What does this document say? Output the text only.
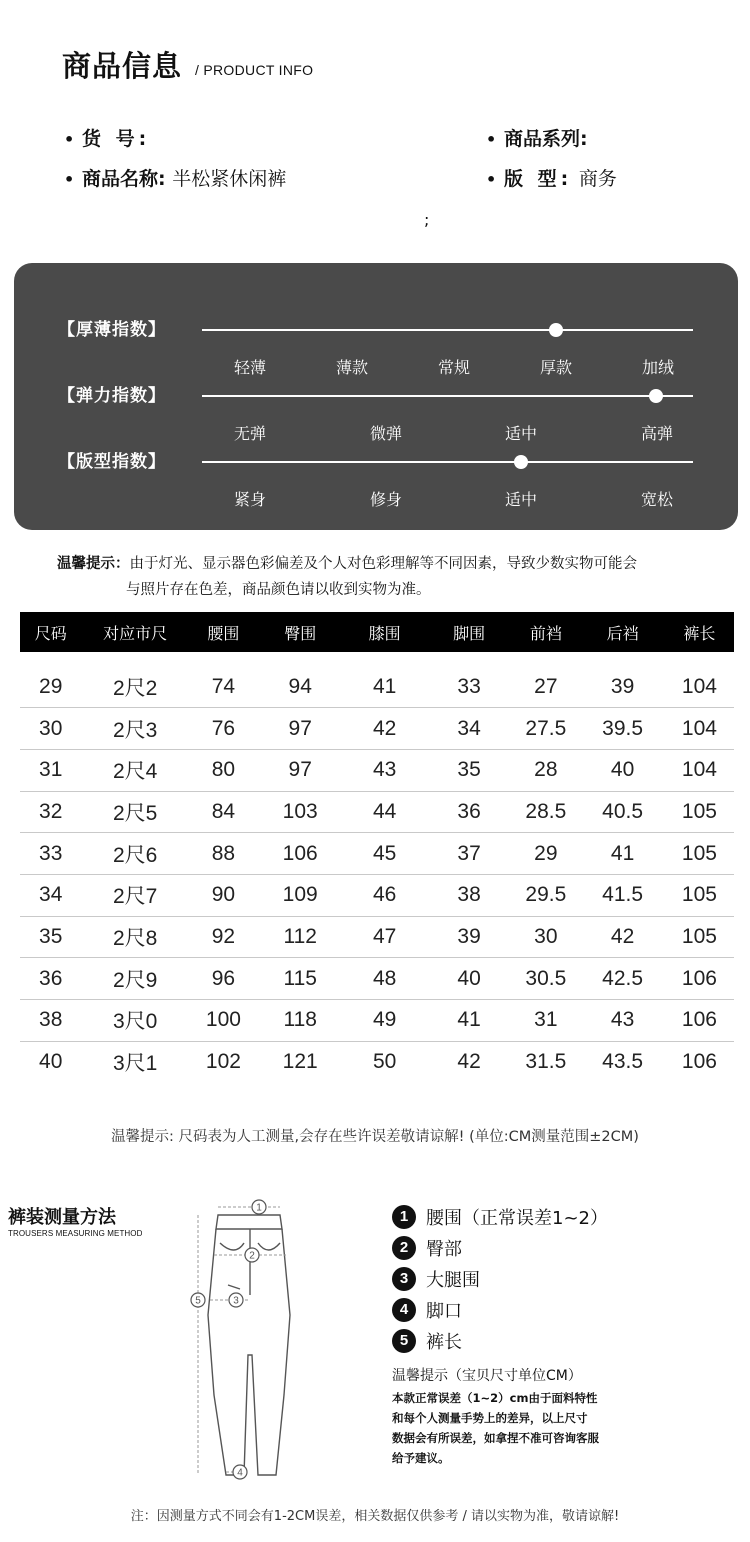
商品信息 / PRODUCT INFO
• 货 号:	• 商品系列:
• 商品名称: 半松紧休闲裤	• 版 型: 商务
;
【厚薄指数】
轻薄	薄款	常规	厚款	加绒
【弹力指数】
无弹	微弹	适中	高弹
【版型指数】
紧身	修身	适中	宽松
温馨提示：由于灯光、显示器色彩偏差及个人对色彩理解等不同因素，导致少数实物可能会
与照片存在色差，商品颜色请以收到实物为准。
尺码	对应市尺	腰围	臀围	膝围	脚围	前裆	后裆	裤长

29	2尺2	74	94	41	33	27	39	104
30	2尺3	76	97	42	34	27.5	39.5	104
31	2尺4	80	97	43	35	28	40	104
32	2尺5	84	103	44	36	28.5	40.5	105
33	2尺6	88	106	45	37	29	41	105
34	2尺7	90	109	46	38	29.5	41.5	105
35	2尺8	92	112	47	39	30	42	105
36	2尺9	96	115	48	40	30.5	42.5	106
38	3尺0	100	118	49	41	31	43	106
40	3尺1	102	121	50	42	31.5	43.5	106
温馨提示: 尺码表为人工测量,会存在些许误差敬请谅解! (单位:CM测量范围±2CM)
裤装测量方法
TROUSERS MEASURING METHOD
1
2
3
4
5
1 腰围（正常误差1~2）
2 臀部
3 大腿围
4 脚口
5 裤长
温馨提示（宝贝尺寸单位CM）
本款正常误差（1~2）cm由于面料特性
和每个人测量手势上的差异，以上尺寸
数据会有所误差，如拿捏不准可咨询客服
给予建议。
注：因测量方式不同会有1-2CM误差，相关数据仅供参考 / 请以实物为准，敬请谅解!
